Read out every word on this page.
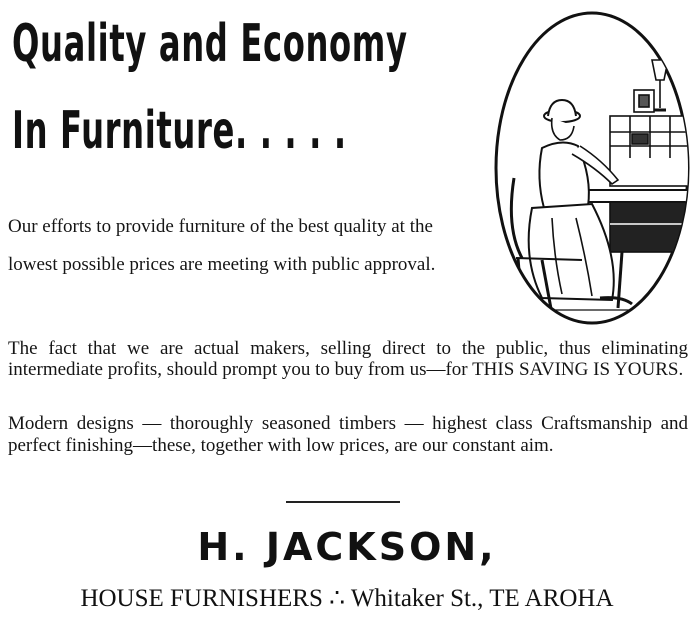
Quality and Economy
In Furniture. . . . .

Our efforts to provide furniture of the best quality at the lowest possible prices are meeting with public approval.

The fact that we are actual makers, selling direct to the public, thus eliminating intermediate profits, should prompt you to buy from us—for THIS SAVING IS YOURS.

Modern designs — thoroughly seasoned timbers — highest class Craftsmanship and perfect finishing—these, together with low prices, are our constant aim.

H. JACKSON,
HOUSE FURNISHERS ∴ Whitaker St., TE AROHA
